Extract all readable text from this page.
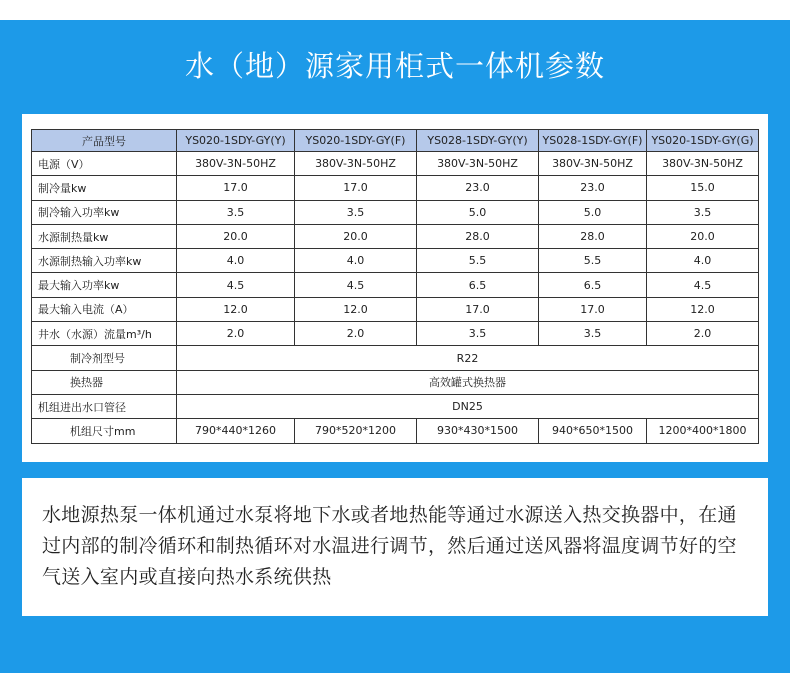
水（地）源家用柜式一体机参数
产品型号	YS020-1SDY-GY(Y)	YS020-1SDY-GY(F)	YS028-1SDY-GY(Y)	YS028-1SDY-GY(F)	YS020-1SDY-GY(G)
电源（V）	380V-3N-50HZ	380V-3N-50HZ	380V-3N-50HZ	380V-3N-50HZ	380V-3N-50HZ
制冷量kw	17.0	17.0	23.0	23.0	15.0
制冷输入功率kw	3.5	3.5	5.0	5.0	3.5
水源制热量kw	20.0	20.0	28.0	28.0	20.0
水源制热输入功率kw	4.0	4.0	5.5	5.5	4.0
最大输入功率kw	4.5	4.5	6.5	6.5	4.5
最大输入电流（A）	12.0	12.0	17.0	17.0	12.0
井水（水源）流量m³/h	2.0	2.0	3.5	3.5	2.0
制冷剂型号	R22				
换热器	高效罐式换热器				
机组进出水口管径	DN25				
机组尺寸mm	790*440*1260	790*520*1200	930*430*1500	940*650*1500	1200*400*1800

水地源热泵一体机通过水泵将地下水或者地热能等通过水源送入热交换器中，在通过内部的制冷循环和制热循环对水温进行调节，然后通过送风器将温度调节好的空气送入室内或直接向热水系统供热
